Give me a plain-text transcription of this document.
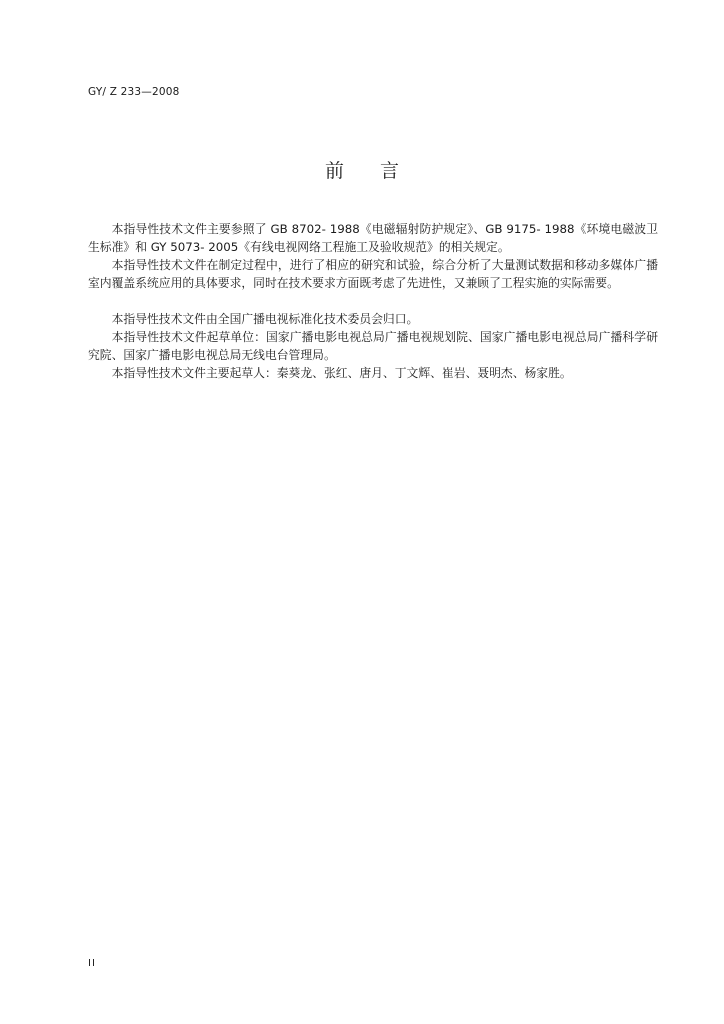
GY/ Z 233—2008
前 言

本指导性技术文件主要参照了 GB 8702- 1988《电磁辐射防护规定》、GB 9175- 1988《环境电磁波卫生标准》和 GY 5073- 2005《有线电视网络工程施工及验收规范》的相关规定。

本指导性技术文件在制定过程中，进行了相应的研究和试验，综合分析了大量测试数据和移动多媒体广播室内覆盖系统应用的具体要求，同时在技术要求方面既考虑了先进性，又兼顾了工程实施的实际需要。

本指导性技术文件由全国广播电视标准化技术委员会归口。

本指导性技术文件起草单位：国家广播电影电视总局广播电视规划院、国家广播电影电视总局广播科学研究院、国家广播电影电视总局无线电台管理局。

本指导性技术文件主要起草人：秦葵龙、张红、唐月、丁文辉、崔岩、聂明杰、杨家胜。

II
